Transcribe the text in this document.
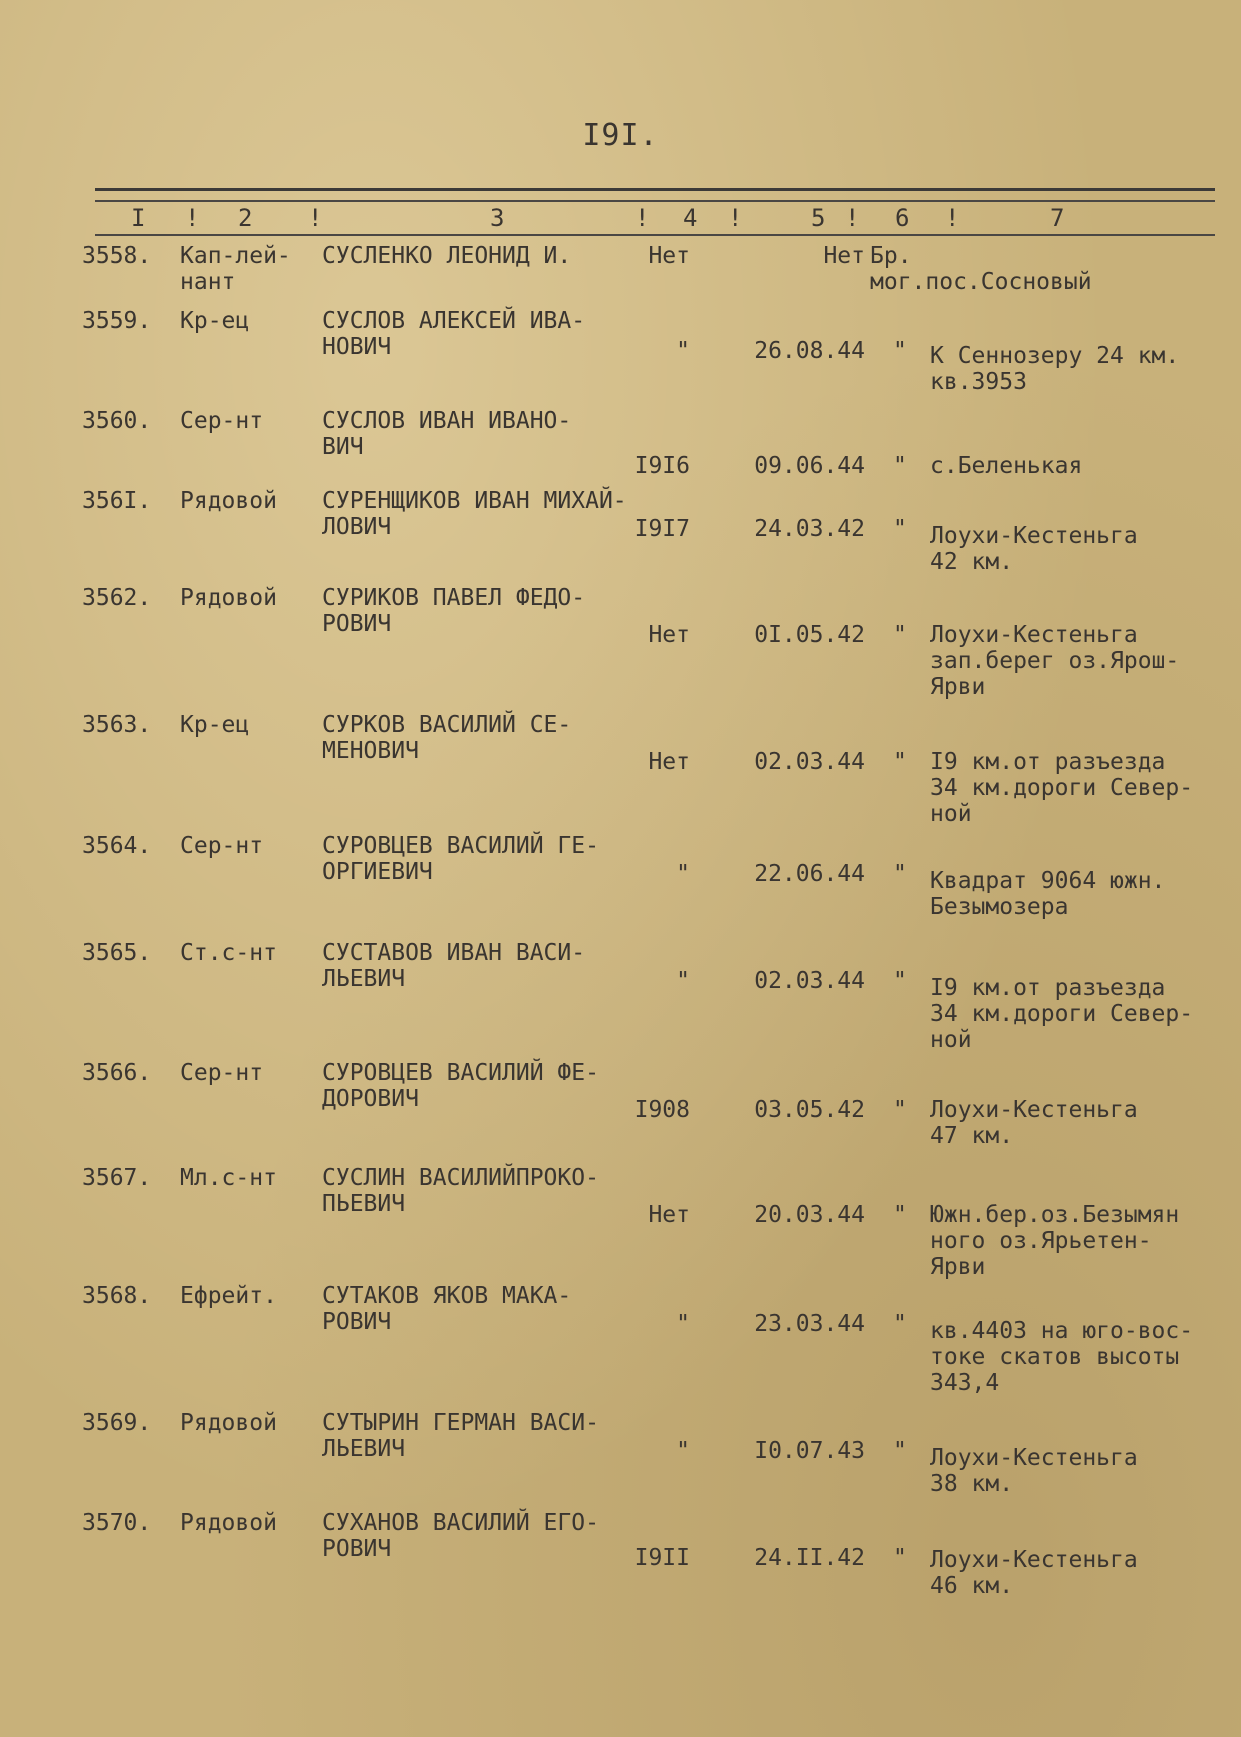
I9I.
I ! 2 !	3	! 4 !	5 ! 6 !	7
3558. Кап-лей-
нант
СУСЛЕНКО ЛЕОНИД И.	Нет	Нет Бр.
мог.пос.Сосновый
3559. Кр-ец	СУСЛОВ АЛЕКСЕЙ ИВА-
НОВИЧ	"	26.08.44 " К Сеннозеру 24 км.
кв.3953
3560. Сер-нт	СУСЛОВ ИВАН ИВАНО-
ВИЧ
I9I6	09.06.44 " с.Беленькая
356I. Рядовой СУРЕНЩИКОВ ИВАН МИХАЙ-
ЛОВИЧ	I9I7	24.03.42 " Лоухи-Кестеньга
42 км.
3562. Рядовой СУРИКОВ ПАВЕЛ ФЕДО-
РОВИЧ	Нет	0I.05.42 " Лоухи-Кестеньга
зап.берег оз.Ярош-
Ярви
3563. Кр-ец	СУРКОВ ВАСИЛИЙ СЕ-
МЕНОВИЧ	Нет	02.03.44 " I9 км.от разъезда
34 км.дороги Север-
ной
3564. Сер-нт	СУРОВЦЕВ ВАСИЛИЙ ГЕ-
ОРГИЕВИЧ	"	22.06.44 " Квадрат 9064 южн.
Безымозера
3565. Ст.с-нт СУСТАВОВ ИВАН ВАСИ-
ЛЬЕВИЧ	"	02.03.44 " I9 км.от разъезда
34 км.дороги Север-
ной
3566. Сер-нт	СУРОВЦЕВ ВАСИЛИЙ ФЕ-
ДОРОВИЧ	I908	03.05.42 " Лоухи-Кестеньга
47 км.
3567. Мл.с-нт СУСЛИН ВАСИЛИЙПРОКО-
ПЬЕВИЧ	Нет	20.03.44 " Южн.бер.оз.Безымян
ного оз.Ярьетен-
Ярви
3568. Ефрейт. СУТАКОВ ЯКОВ МАКА-
РОВИЧ	"	23.03.44 " кв.4403 на юго-вос-
токе скатов высоты
343,4
3569. Рядовой СУТЫРИН ГЕРМАН ВАСИ-
ЛЬЕВИЧ	"	I0.07.43 " Лоухи-Кестеньга
38 км.
3570. Рядовой СУХАНОВ ВАСИЛИЙ ЕГО-
РОВИЧ	I9II	24.II.42 " Лоухи-Кестеньга
46 км.
